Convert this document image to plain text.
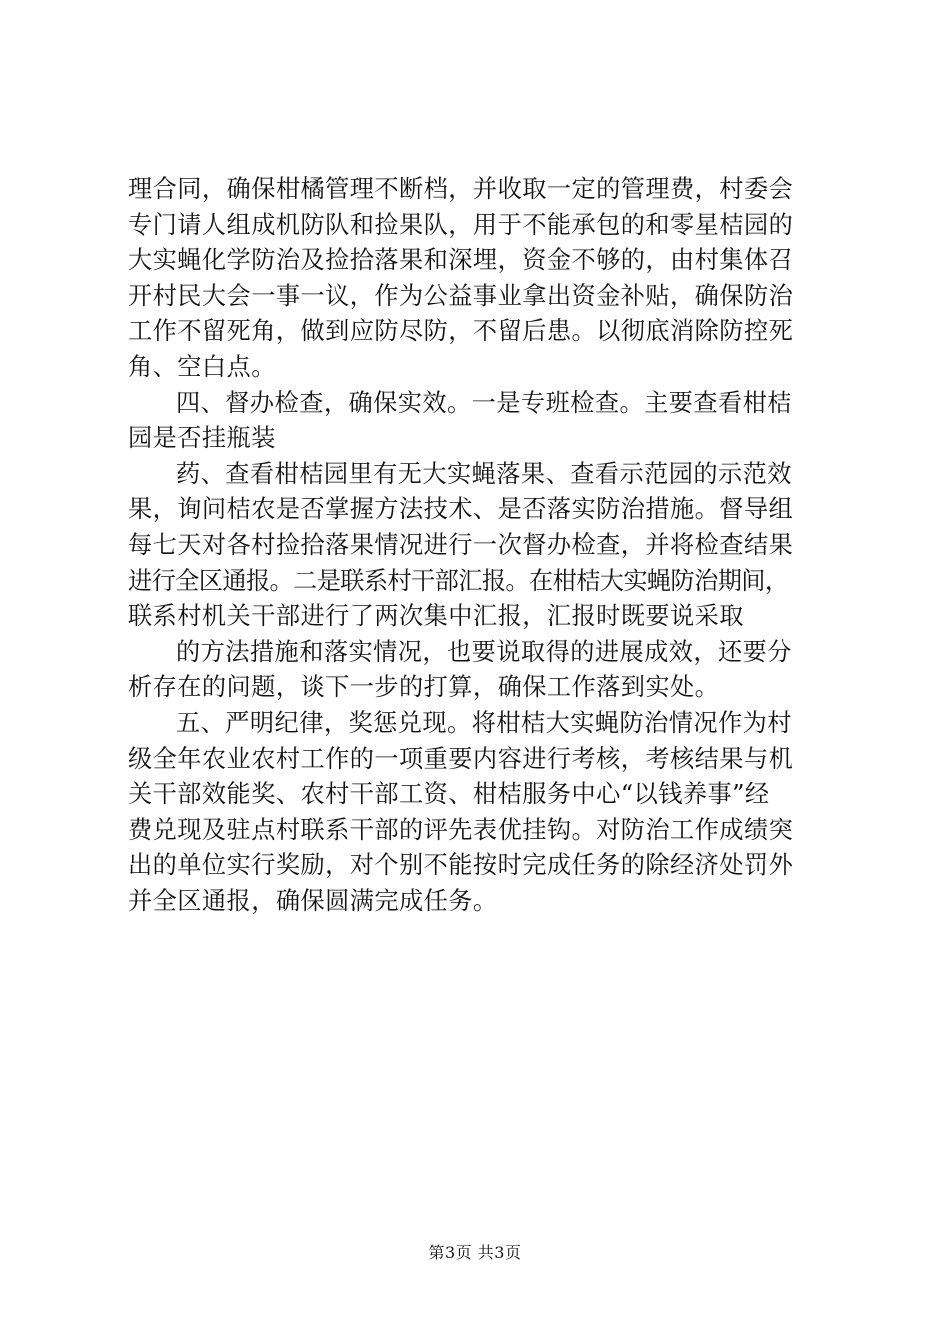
理合同，确保柑橘管理不断档，并收取一定的管理费，村委会
专门请人组成机防队和捡果队，用于不能承包的和零星桔园的
大实蝇化学防治及捡拾落果和深埋，资金不够的，由村集体召
开村民大会一事一议，作为公益事业拿出资金补贴，确保防治
工作不留死角，做到应防尽防，不留后患。以彻底消除防控死
角、空白点。
四、督办检查，确保实效。一是专班检查。主要查看柑桔
园是否挂瓶装
药、查看柑桔园里有无大实蝇落果、查看示范园的示范效
果，询问桔农是否掌握方法技术、是否落实防治措施。督导组
每七天对各村捡拾落果情况进行一次督办检查，并将检查结果
进行全区通报。二是联系村干部汇报。在柑桔大实蝇防治期间，
联系村机关干部进行了两次集中汇报，汇报时既要说采取
的方法措施和落实情况，也要说取得的进展成效，还要分
析存在的问题，谈下一步的打算，确保工作落到实处。
五、严明纪律，奖惩兑现。将柑桔大实蝇防治情况作为村
级全年农业农村工作的一项重要内容进行考核，考核结果与机
关干部效能奖、农村干部工资、柑桔服务中心“以钱养事”经
费兑现及驻点村联系干部的评先表优挂钩。对防治工作成绩突
出的单位实行奖励，对个别不能按时完成任务的除经济处罚外
并全区通报，确保圆满完成任务。
第3页 共3页
